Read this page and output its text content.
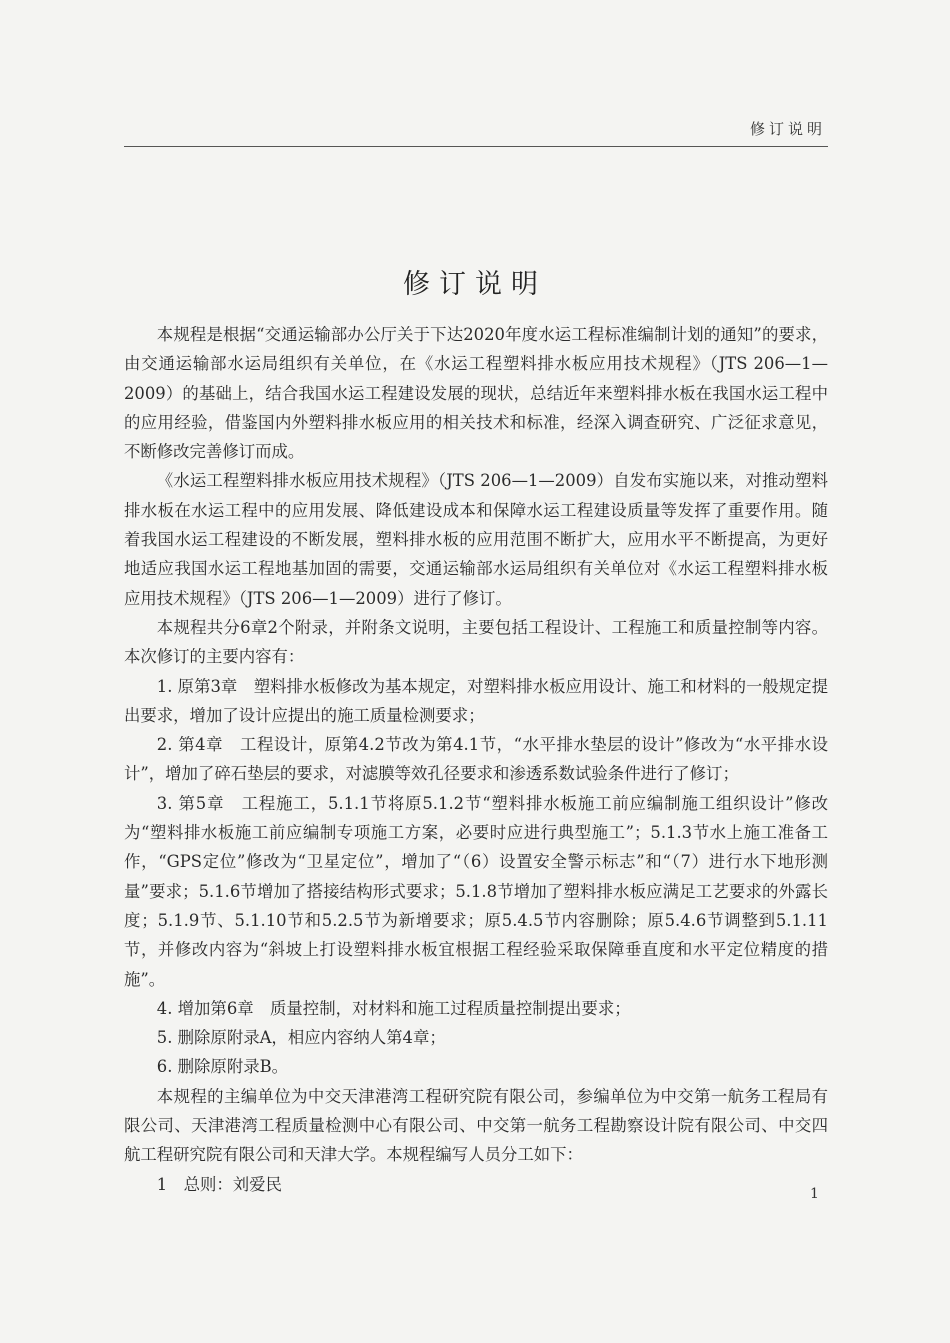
修订说明
修订说明

本规程是根据“交通运输部办公厅关于下达2020年度水运工程标准编制计划的通知”的要求，由交通运输部水运局组织有关单位，在《水运工程塑料排水板应用技术规程》（JTS 206—1—2009）的基础上，结合我国水运工程建设发展的现状，总结近年来塑料排水板在我国水运工程中的应用经验，借鉴国内外塑料排水板应用的相关技术和标准，经深入调查研究、广泛征求意见，不断修改完善修订而成。

《水运工程塑料排水板应用技术规程》（JTS 206—1—2009）自发布实施以来，对推动塑料排水板在水运工程中的应用发展、降低建设成本和保障水运工程建设质量等发挥了重要作用。随着我国水运工程建设的不断发展，塑料排水板的应用范围不断扩大，应用水平不断提高，为更好地适应我国水运工程地基加固的需要，交通运输部水运局组织有关单位对《水运工程塑料排水板应用技术规程》（JTS 206—1—2009）进行了修订。

本规程共分6章2个附录，并附条文说明，主要包括工程设计、工程施工和质量控制等内容。本次修订的主要内容有：

1. 原第3章　塑料排水板修改为基本规定，对塑料排水板应用设计、施工和材料的一般规定提出要求，增加了设计应提出的施工质量检测要求；

2. 第4章　工程设计，原第4.2节改为第4.1节，“水平排水垫层的设计”修改为“水平排水设计”，增加了碎石垫层的要求，对滤膜等效孔径要求和渗透系数试验条件进行了修订；

3. 第5章　工程施工，5.1.1节将原5.1.2节“塑料排水板施工前应编制施工组织设计”修改为“塑料排水板施工前应编制专项施工方案，必要时应进行典型施工”；5.1.3节水上施工准备工作，“GPS定位”修改为“卫星定位”，增加了“（6）设置安全警示标志”和“（7）进行水下地形测量”要求；5.1.6节增加了搭接结构形式要求；5.1.8节增加了塑料排水板应满足工艺要求的外露长度；5.1.9节、5.1.10节和5.2.5节为新增要求；原5.4.5节内容删除；原5.4.6节调整到5.1.11节，并修改内容为“斜坡上打设塑料排水板宜根据工程经验采取保障垂直度和水平定位精度的措施”。

4. 增加第6章　质量控制，对材料和施工过程质量控制提出要求；

5. 删除原附录A，相应内容纳人第4章；

6. 删除原附录B。

本规程的主编单位为中交天津港湾工程研究院有限公司，参编单位为中交第一航务工程局有限公司、天津港湾工程质量检测中心有限公司、中交第一航务工程勘察设计院有限公司、中交四航工程研究院有限公司和天津大学。本规程编写人员分工如下：

1　总则：刘爱民

1
